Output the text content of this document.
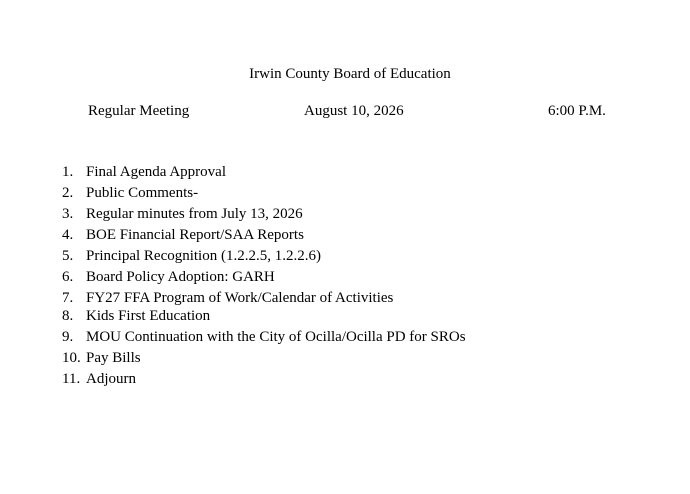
Irwin County Board of Education
Regular Meeting	August 10, 2026	6:00 P.M.
1. Final Agenda Approval
2. Public Comments-
3. Regular minutes from July 13, 2026
4. BOE Financial Report/SAA Reports
5. Principal Recognition (1.2.2.5, 1.2.2.6)
6. Board Policy Adoption: GARH
7. FY27 FFA Program of Work/Calendar of Activities
8. Kids First Education
9. MOU Continuation with the City of Ocilla/Ocilla PD for SROs
10. Pay Bills
11. Adjourn
